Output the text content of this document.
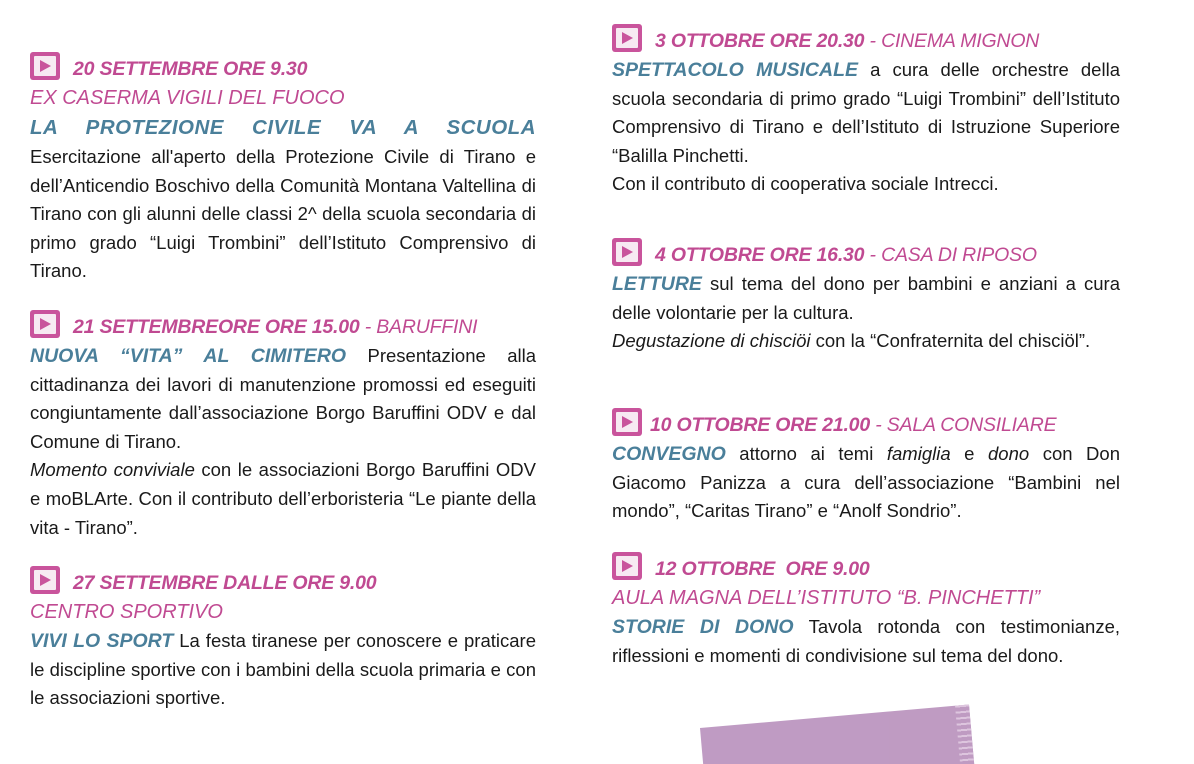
20 SETTEMBRE ORE 9.30
EX CASERMA VIGILI DEL FUOCO
LA PROTEZIONE CIVILE VA A SCUOLA
Esercitazione all'aperto della Protezione Civile di Tirano e dell’Anticendio Boschivo della Comunità Montana Valtellina di Tirano con gli alunni delle classi 2^ della scuola secondaria di primo grado “Luigi Trombini” dell’Istituto Comprensivo di Tirano.
21 SETTEMBREORE ORE 15.00 - BARUFFINI
NUOVA “VITA” AL CIMITERO Presentazione alla cittadinanza dei lavori di manutenzione promossi ed eseguiti congiuntamente dall’associazione Borgo Baruffini ODV e dal Comune di Tirano.
Momento conviviale con le associazioni Borgo Baruffini ODV e moBLArte. Con il contributo dell’erboristeria “Le piante della vita - Tirano”.
27 SETTEMBRE DALLE ORE 9.00
CENTRO SPORTIVO
VIVI LO SPORT La festa tiranese per conoscere e praticare le discipline sportive con i bambini della scuola primaria e con le associazioni sportive.
3 OTTOBRE ORE 20.30 - CINEMA MIGNON
SPETTACOLO MUSICALE a cura delle orchestre della scuola secondaria di primo grado “Luigi Trombini” dell’Istituto Comprensivo di Tirano e dell’Istituto di Istruzione Superiore “Balilla Pinchetti.
Con il contributo di cooperativa sociale Intrecci.
4 OTTOBRE ORE 16.30 - CASA DI RIPOSO
LETTURE sul tema del dono per bambini e anziani a cura delle volontarie per la cultura.
Degustazione di chisciöi con la “Confraternita del chisciöl”.
10 OTTOBRE ORE 21.00 - SALA CONSILIARE
CONVEGNO attorno ai temi famiglia e dono con Don Giacomo Panizza a cura dell’associazione “Bambini nel mondo”, “Caritas Tirano” e “Anolf Sondrio”.
12 OTTOBRE  ORE 9.00
AULA MAGNA DELL’ISTITUTO “B. PINCHETTI”
STORIE DI DONO Tavola rotonda con testimonianze, riflessioni e momenti di condivisione sul tema del dono.
